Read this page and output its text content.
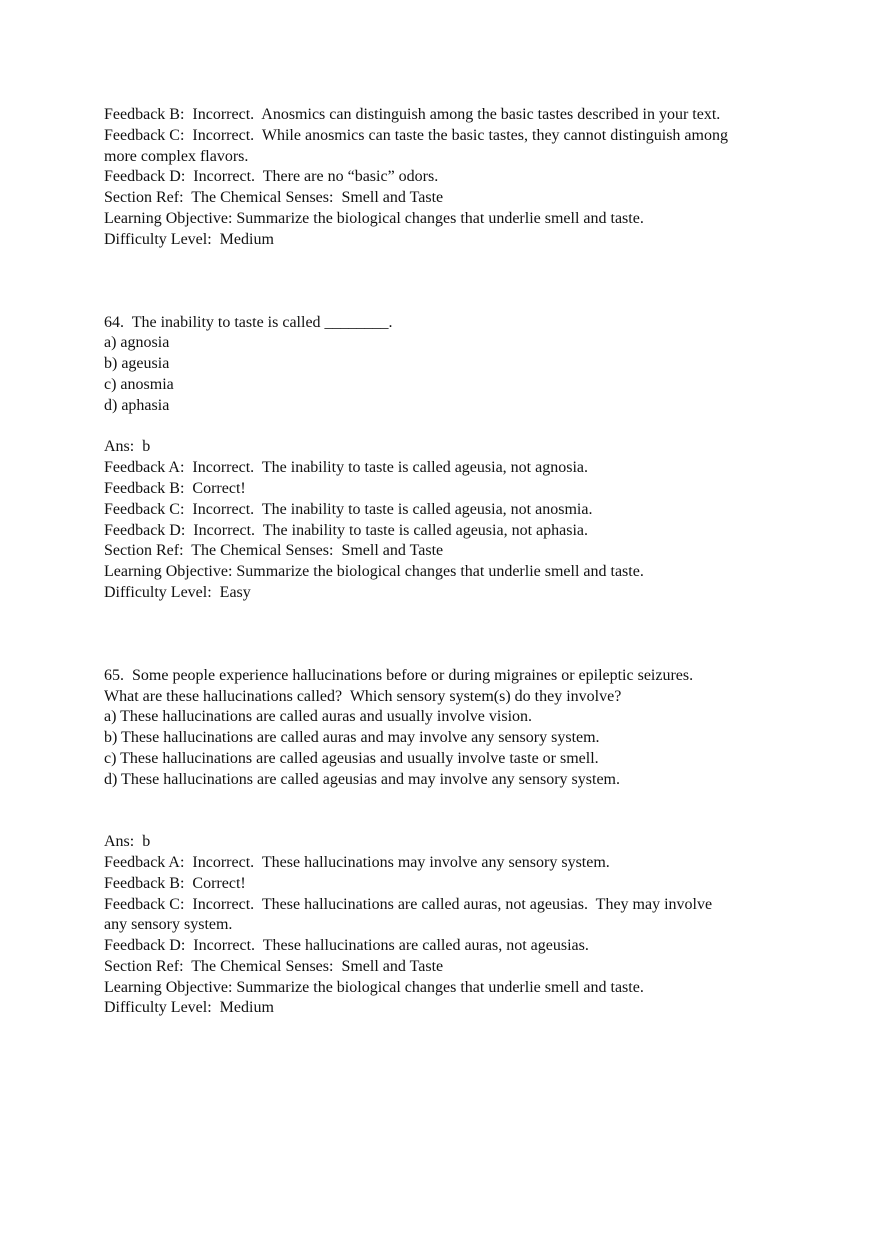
Feedback B:  Incorrect.  Anosmics can distinguish among the basic tastes described in your text.
Feedback C:  Incorrect.  While anosmics can taste the basic tastes, they cannot distinguish among
more complex flavors.
Feedback D:  Incorrect.  There are no “basic” odors.
Section Ref:  The Chemical Senses:  Smell and Taste
Learning Objective: Summarize the biological changes that underlie smell and taste.
Difficulty Level:  Medium
64.  The inability to taste is called ________.
a) agnosia
b) ageusia
c) anosmia
d) aphasia
Ans:  b
Feedback A:  Incorrect.  The inability to taste is called ageusia, not agnosia.
Feedback B:  Correct!
Feedback C:  Incorrect.  The inability to taste is called ageusia, not anosmia.
Feedback D:  Incorrect.  The inability to taste is called ageusia, not aphasia.
Section Ref:  The Chemical Senses:  Smell and Taste
Learning Objective: Summarize the biological changes that underlie smell and taste.
Difficulty Level:  Easy
65.  Some people experience hallucinations before or during migraines or epileptic seizures.
What are these hallucinations called?  Which sensory system(s) do they involve?
a) These hallucinations are called auras and usually involve vision.
b) These hallucinations are called auras and may involve any sensory system.
c) These hallucinations are called ageusias and usually involve taste or smell.
d) These hallucinations are called ageusias and may involve any sensory system.
Ans:  b
Feedback A:  Incorrect.  These hallucinations may involve any sensory system.
Feedback B:  Correct!
Feedback C:  Incorrect.  These hallucinations are called auras, not ageusias.  They may involve
any sensory system.
Feedback D:  Incorrect.  These hallucinations are called auras, not ageusias.
Section Ref:  The Chemical Senses:  Smell and Taste
Learning Objective: Summarize the biological changes that underlie smell and taste.
Difficulty Level:  Medium
